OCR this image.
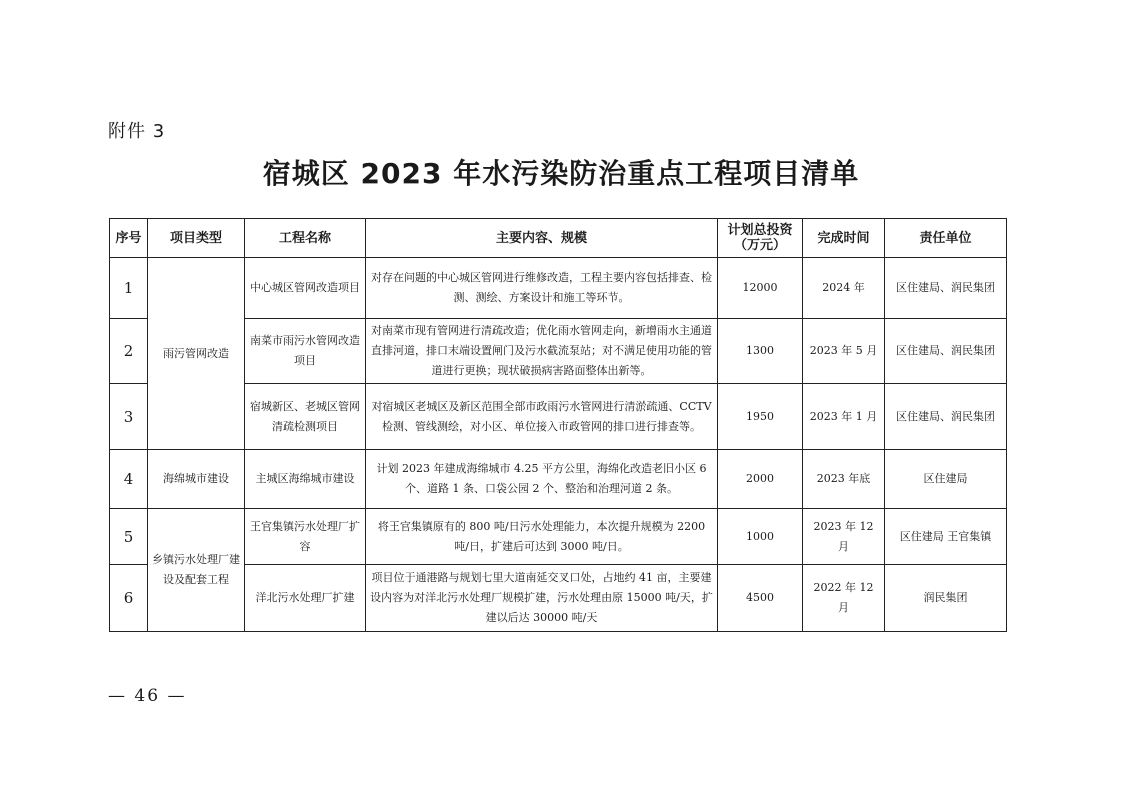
附件 3
宿城区 2023 年水污染防治重点工程项目清单
序号	项目类型	工程名称	主要内容、规模	计划总投资（万元）	完成时间	责任单位
1	雨污管网改造	中心城区管网改造项目	对存在问题的中心城区管网进行维修改造，工程主要内容包括排查、检测、测绘、方案设计和施工等环节。	12000	2024 年	区住建局、润民集团
2		南菜市雨污水管网改造项目	对南菜市现有管网进行清疏改造；优化雨水管网走向，新增雨水主通道直排河道，排口末端设置闸门及污水截流泵站；对不满足使用功能的管道进行更换；现状破损病害路面整体出新等。	1300	2023 年 5 月	区住建局、润民集团
3		宿城新区、老城区管网清疏检测项目	对宿城区老城区及新区范围全部市政雨污水管网进行清淤疏通、CCTV 检测、管线测绘，对小区、单位接入市政管网的排口进行排查等。	1950	2023 年 1 月	区住建局、润民集团
4	海绵城市建设	主城区海绵城市建设	计划 2023 年建成海绵城市 4.25 平方公里，海绵化改造老旧小区 6 个、道路 1 条、口袋公园 2 个、整治和治理河道 2 条。	2000	2023 年底	区住建局
5	乡镇污水处理厂建设及配套工程	王官集镇污水处理厂扩容	将王官集镇原有的 800 吨/日污水处理能力，本次提升规模为 2200 吨/日，扩建后可达到 3000 吨/日。	1000	2023 年 12 月	区住建局 王官集镇
6		洋北污水处理厂扩建	项目位于通港路与规划七里大道南延交叉口处，占地约 41 亩，主要建设内容为对洋北污水处理厂规模扩建，污水处理由原 15000 吨/天，扩建以后达 30000 吨/天	4500	2022 年 12 月	润民集团
— 46 —
